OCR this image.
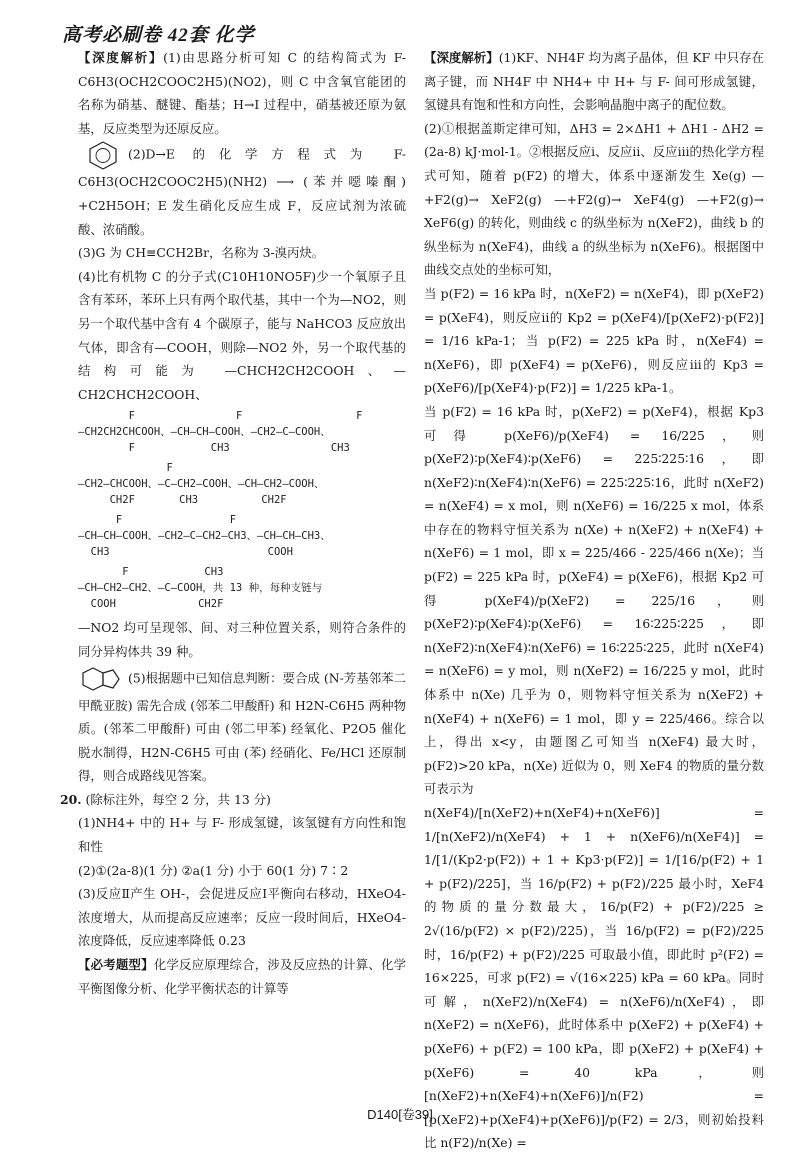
高考必刷卷 42套 化学

【深度解析】(1)由思路分析可知 C 的结构简式为 F-C6H3(OCH2COOC2H5)(NO2)，则 C 中含氧官能团的名称为硝基、醚键、酯基；H→I 过程中，硝基被还原为氨基，反应类型为还原反应。

(2)D→E 的化学方程式为 F-C6H3(OCH2COOC2H5)(NH2) ⟶ (苯并噁嗪酮) +C2H5OH；E 发生硝化反应生成 F，反应试剂为浓硫酸、浓硝酸。

(3)G 为 CH≡CCH2Br，名称为 3-溴丙炔。

(4)比有机物 C 的分子式(C10H10NO5F)少一个氧原子且含有苯环，苯环上只有两个取代基，其中一个为—NO2，则另一个取代基中含有 4 个碳原子，能与 NaHCO3 反应放出气体，即含有—COOH，则除—NO2 外，另一个取代基的结构可能为 —CHCH2CH2COOH、—CH2CHCH2COOH、

F                F                  F
—CH2CH2CHCOOH、—CH—CH—COOH、—CH2—C—COOH、
F            CH3                CH3
F
—CH2—CHCOOH、—C—CH2—COOH、—CH—CH2—COOH、
CH2F       CH3          CH2F
F                 F
—CH—CH—COOH、—CH2—C—CH2—CH3、—CH—CH—CH3、
CH3                         COOH
F            CH3
—CH—CH2—CH2、—C—COOH，共 13 种，每种支链与
COOH             CH2F

—NO2 均可呈现邻、间、对三种位置关系，则符合条件的同分异构体共 39 种。

(5)根据题中已知信息判断：要合成 (N-芳基邻苯二甲酰亚胺) 需先合成 (邻苯二甲酸酐) 和 H2N-C6H5 两种物质。(邻苯二甲酸酐) 可由 (邻二甲苯) 经氧化、P2O5 催化脱水制得，H2N-C6H5 可由 (苯) 经硝化、Fe/HCl 还原制得，则合成路线见答案。

20. (除标注外，每空 2 分，共 13 分)

(1)NH4+ 中的 H+ 与 F- 形成氢键，该氢键有方向性和饱和性

(2)①(2a-8)(1 分) ②a(1 分) 小于 60(1 分) 7∶2

(3)反应Ⅱ产生 OH-，会促进反应Ⅰ平衡向右移动，HXeO4- 浓度增大，从而提高反应速率；反应一段时间后，HXeO4- 浓度降低，反应速率降低 0.23

【必考题型】化学反应原理综合，涉及反应热的计算、化学平衡图像分析、化学平衡状态的计算等

【深度解析】(1)KF、NH4F 均为离子晶体，但 KF 中只存在离子键，而 NH4F 中 NH4+ 中 H+ 与 F- 间可形成氢键，氢键具有饱和性和方向性，会影响晶胞中离子的配位数。

(2)①根据盖斯定律可知，ΔH3 = 2×ΔH1 + ΔH1 - ΔH2 = (2a-8) kJ·mol-1。②根据反应ⅰ、反应ⅱ、反应ⅲ的热化学方程式可知，随着 p(F2) 的增大，体系中逐渐发生 Xe(g) —+F2(g)→ XeF2(g) —+F2(g)→ XeF4(g) —+F2(g)→ XeF6(g) 的转化，则曲线 c 的纵坐标为 n(XeF2)，曲线 b 的纵坐标为 n(XeF4)，曲线 a 的纵坐标为 n(XeF6)。根据图中曲线交点处的坐标可知，

当 p(F2) = 16 kPa 时，n(XeF2) = n(XeF4)，即 p(XeF2) = p(XeF4)，则反应ⅱ的 Kp2 = p(XeF4)/[p(XeF2)·p(F2)] = 1/16 kPa-1；当 p(F2) = 225 kPa 时，n(XeF4) = n(XeF6)，即 p(XeF4) = p(XeF6)，则反应ⅲ的 Kp3 = p(XeF6)/[p(XeF4)·p(F2)] = 1/225 kPa-1。

当 p(F2) = 16 kPa 时，p(XeF2) = p(XeF4)，根据 Kp3 可得 p(XeF6)/p(XeF4) = 16/225，则 p(XeF2)∶p(XeF4)∶p(XeF6) = 225∶225∶16，即 n(XeF2)∶n(XeF4)∶n(XeF6) = 225∶225∶16，此时 n(XeF2) = n(XeF4) = x mol，则 n(XeF6) = 16/225 x mol，体系中存在的物料守恒关系为 n(Xe) + n(XeF2) + n(XeF4) + n(XeF6) = 1 mol，即 x = 225/466 - 225/466 n(Xe)；当 p(F2) = 225 kPa 时，p(XeF4) = p(XeF6)，根据 Kp2 可得 p(XeF4)/p(XeF2) = 225/16，则 p(XeF2)∶p(XeF4)∶p(XeF6) = 16∶225∶225，即 n(XeF2)∶n(XeF4)∶n(XeF6) = 16∶225∶225，此时 n(XeF4) = n(XeF6) = y mol，则 n(XeF2) = 16/225 y mol，此时体系中 n(Xe) 几乎为 0，则物料守恒关系为 n(XeF2) + n(XeF4) + n(XeF6) = 1 mol，即 y = 225/466。综合以上，得出 x<y，由题图乙可知当 n(XeF4) 最大时，p(F2)>20 kPa，n(Xe) 近似为 0，则 XeF4 的物质的量分数可表示为

n(XeF4)/[n(XeF2)+n(XeF4)+n(XeF6)] = 1/[n(XeF2)/n(XeF4) + 1 + n(XeF6)/n(XeF4)] = 1/[1/(Kp2·p(F2)) + 1 + Kp3·p(F2)] = 1/[16/p(F2) + 1 + p(F2)/225]，当 16/p(F2) + p(F2)/225 最小时，XeF4 的物质的量分数最大，16/p(F2) + p(F2)/225 ≥ 2√(16/p(F2) × p(F2)/225)，当 16/p(F2) = p(F2)/225 时，16/p(F2) + p(F2)/225 可取最小值，即此时 p²(F2) = 16×225，可求 p(F2) = √(16×225) kPa = 60 kPa。同时可解，n(XeF2)/n(XeF4) = n(XeF6)/n(XeF4)，即 n(XeF2) = n(XeF6)，此时体系中 p(XeF2) + p(XeF4) + p(XeF6) + p(F2) = 100 kPa，即 p(XeF2) + p(XeF4) + p(XeF6) = 40 kPa，则 [n(XeF2)+n(XeF4)+n(XeF6)]/n(F2) = [p(XeF2)+p(XeF4)+p(XeF6)]/p(F2) = 2/3，则初始投料比 n(F2)/n(Xe) =

D140[卷39]
